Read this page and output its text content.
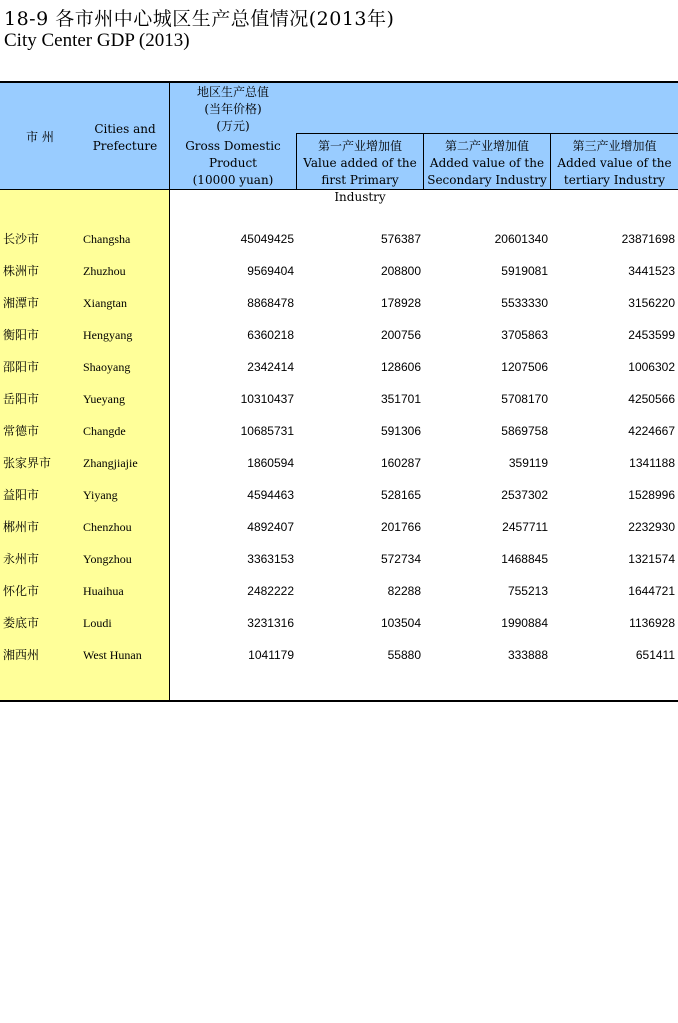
18-9 各市州中心城区生产总值情况(2013年)
City Center GDP (2013)
市 州
Cities and
Prefecture
地区生产总值
(当年价格)
(万元)
Gross Domestic
Product
(10000 yuan)
第一产业增加值
Value added of the
first Primary Industry
第二产业增加值
Added value of the
Secondary Industry
第三产业增加值
Added value of the
tertiary Industry
长沙市	Changsha	45049425	576387	20601340	23871698
株洲市	Zhuzhou	9569404	208800	5919081	3441523
湘潭市	Xiangtan	8868478	178928	5533330	3156220
衡阳市	Hengyang	6360218	200756	3705863	2453599
邵阳市	Shaoyang	2342414	128606	1207506	1006302
岳阳市	Yueyang	10310437	351701	5708170	4250566
常德市	Changde	10685731	591306	5869758	4224667
张家界市	Zhangjiajie	1860594	160287	359119	1341188
益阳市	Yiyang	4594463	528165	2537302	1528996
郴州市	Chenzhou	4892407	201766	2457711	2232930
永州市	Yongzhou	3363153	572734	1468845	1321574
怀化市	Huaihua	2482222	82288	755213	1644721
娄底市	Loudi	3231316	103504	1990884	1136928
湘西州	West Hunan	1041179	55880	333888	651411
